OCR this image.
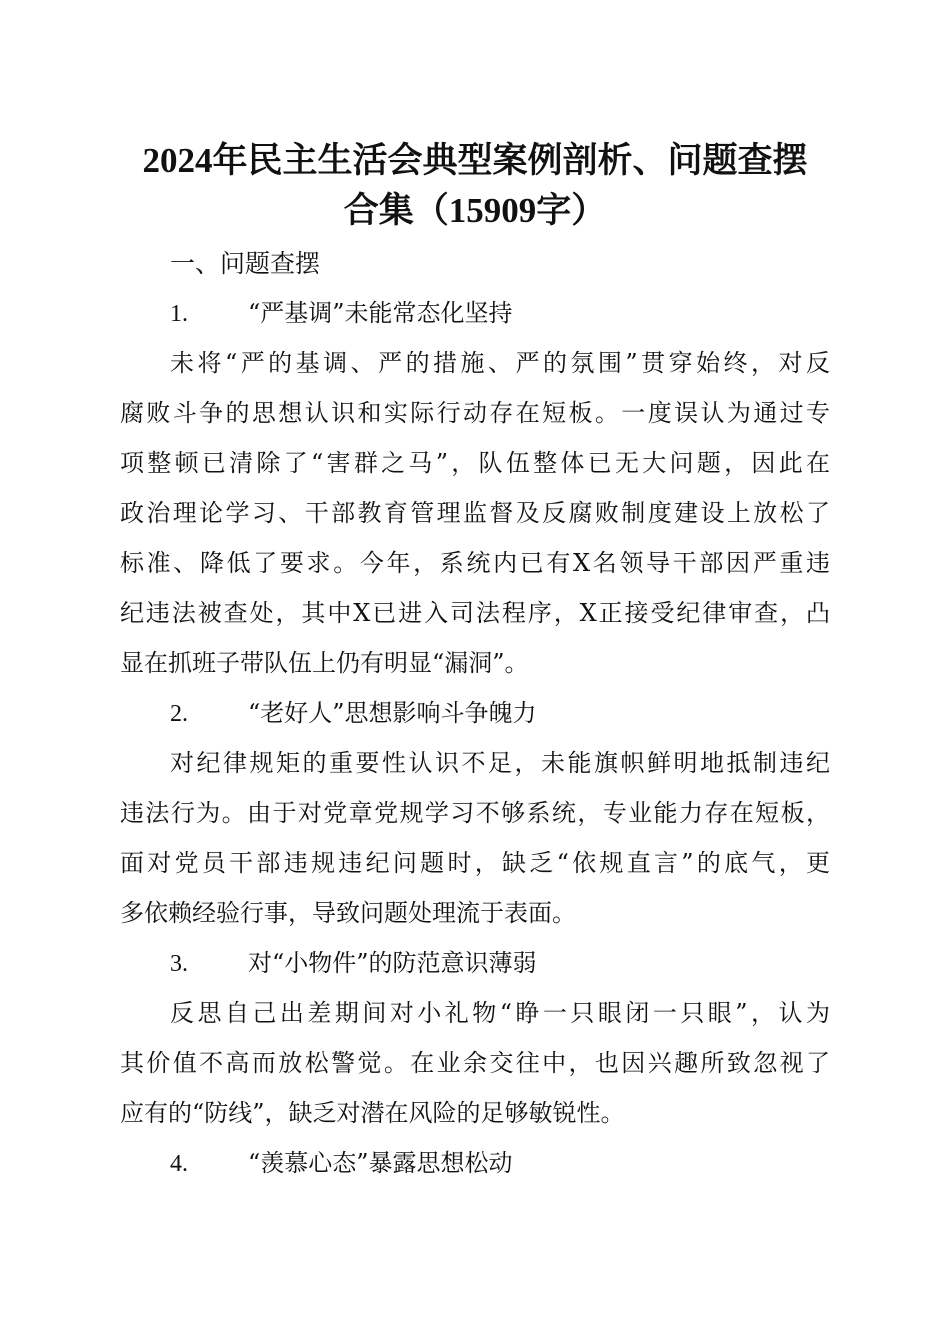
2024年民主生活会典型案例剖析、问题查摆
合集（15909字）
一、问题查摆
1.	“严基调”未能常态化坚持
未将“严的基调、严的措施、严的氛围”贯穿始终，对反
腐败斗争的思想认识和实际行动存在短板。一度误认为通过专
项整顿已清除了“害群之马”，队伍整体已无大问题，因此在
政治理论学习、干部教育管理监督及反腐败制度建设上放松了
标准、降低了要求。今年，系统内已有X名领导干部因严重违
纪违法被查处，其中X已进入司法程序，X正接受纪律审查，凸
显在抓班子带队伍上仍有明显“漏洞”。
2.	“老好人”思想影响斗争魄力
对纪律规矩的重要性认识不足，未能旗帜鲜明地抵制违纪
违法行为。由于对党章党规学习不够系统，专业能力存在短板，
面对党员干部违规违纪问题时，缺乏“依规直言”的底气，更
多依赖经验行事，导致问题处理流于表面。
3.	对“小物件”的防范意识薄弱
反思自己出差期间对小礼物“睁一只眼闭一只眼”，认为
其价值不高而放松警觉。在业余交往中，也因兴趣所致忽视了
应有的“防线”，缺乏对潜在风险的足够敏锐性。
4.	“羡慕心态”暴露思想松动
